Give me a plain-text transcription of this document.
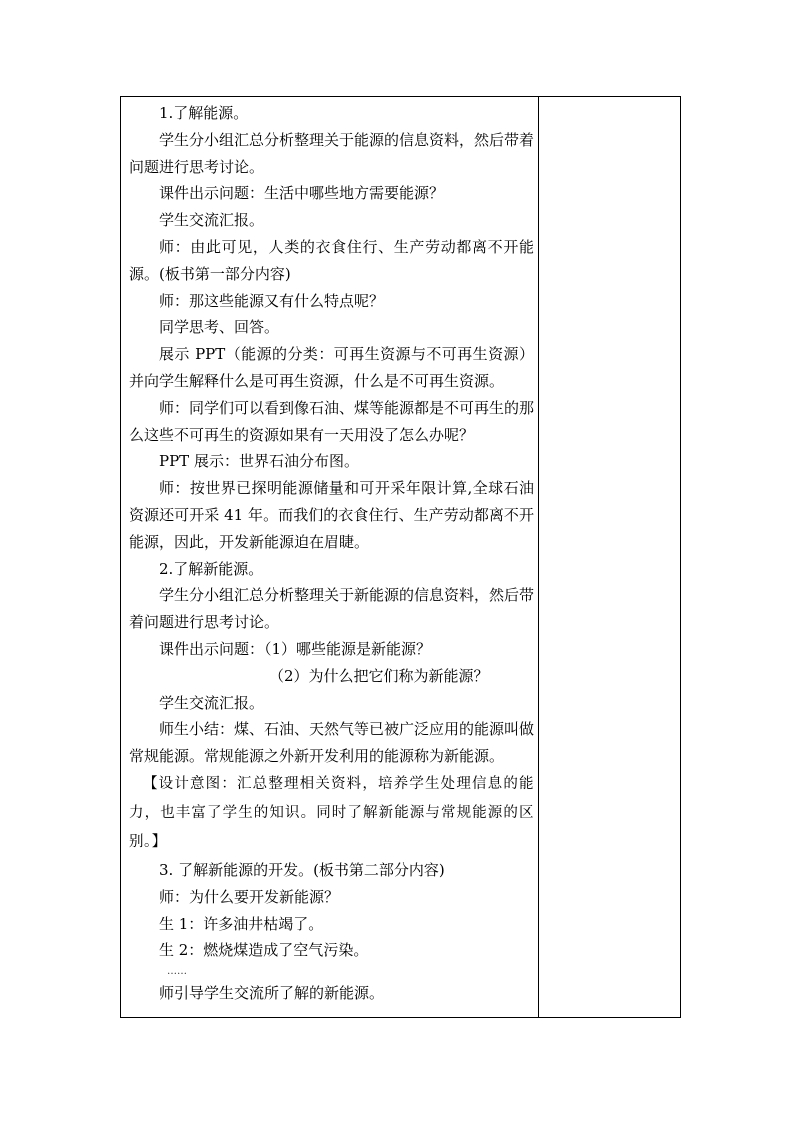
1.了解能源。

学生分小组汇总分析整理关于能源的信息资料，然后带着问题进行思考讨论。

课件出示问题：生活中哪些地方需要能源？

学生交流汇报。

师：由此可见，人类的衣食住行、生产劳动都离不开能源。(板书第一部分内容)

师：那这些能源又有什么特点呢？

同学思考、回答。

展示 PPT（能源的分类：可再生资源与不可再生资源）并向学生解释什么是可再生资源，什么是不可再生资源。

师：同学们可以看到像石油、煤等能源都是不可再生的那么这些不可再生的资源如果有一天用没了怎么办呢？

PPT 展示：世界石油分布图。

师：按世界已探明能源储量和可开采年限计算,全球石油资源还可开采 41 年。而我们的衣食住行、生产劳动都离不开能源，因此，开发新能源迫在眉睫。

2.了解新能源。

学生分小组汇总分析整理关于新能源的信息资料，然后带着问题进行思考讨论。

课件出示问题：（1）哪些能源是新能源？

（2）为什么把它们称为新能源？

学生交流汇报。

师生小结：煤、石油、天然气等已被广泛应用的能源叫做常规能源。常规能源之外新开发利用的能源称为新能源。

【设计意图：汇总整理相关资料，培养学生处理信息的能力，也丰富了学生的知识。同时了解新能源与常规能源的区别。】

3. 了解新能源的开发。(板书第二部分内容)

师：为什么要开发新能源？

生 1：许多油井枯竭了。

生 2：燃烧煤造成了空气污染。

……

师引导学生交流所了解的新能源。
